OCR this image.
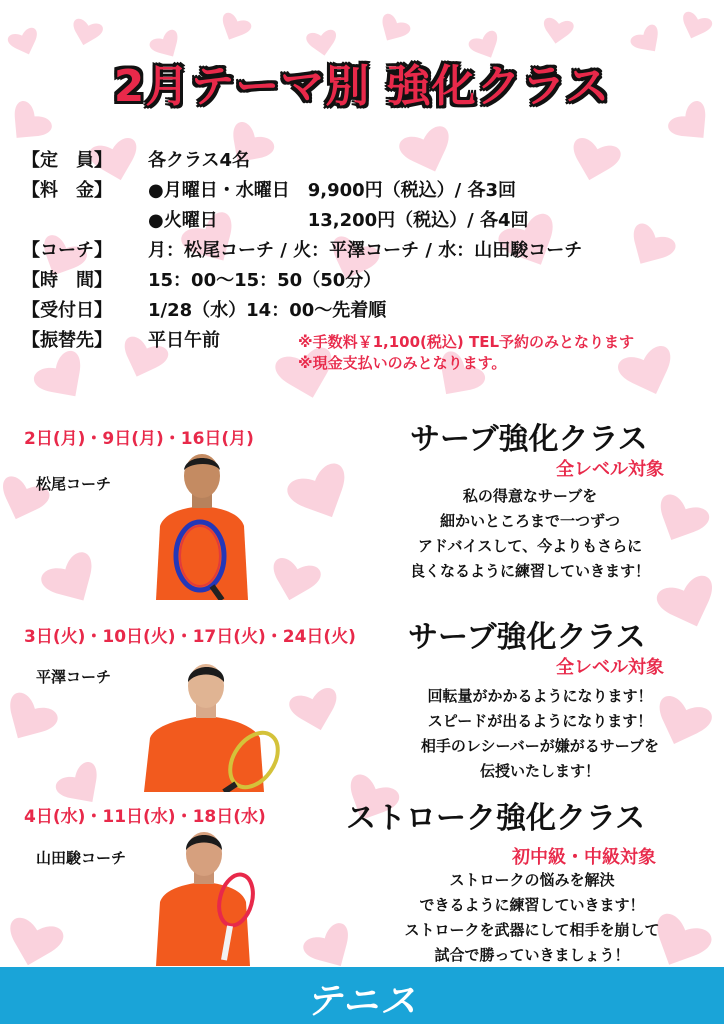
2月テーマ別 強化クラス
【定　員】	各クラス4名
【料　金】	●月曜日・水曜日　9,900円（税込）/ 各3回
●火曜日　　　　　13,200円（税込）/ 各4回
【コーチ】	月：松尾コーチ / 火：平澤コーチ / 水：山田駿コーチ
【時　間】	15：00〜15：50（50分）
【受付日】	1/28（水）14：00〜先着順
【振替先】	平日午前	※手数料￥1,100(税込) TEL予約のみとなります
※現金支払いのみとなります。
2日(月)・9日(月)・16日(月)
松尾コーチ
サーブ強化クラス
全レベル対象
私の得意なサーブを
細かいところまで一つずつ
アドバイスして、今よりもさらに
良くなるように練習していきます！
3日(火)・10日(火)・17日(火)・24日(火)
平澤コーチ
サーブ強化クラス
全レベル対象
回転量がかかるようになります！
スピードが出るようになります！
相手のレシーバーが嫌がるサーブを
伝授いたします！
4日(水)・11日(水)・18日(水)
山田駿コーチ
ストローク強化クラス
初中級・中級対象
ストロークの悩みを解決
できるように練習していきます！
ストロークを武器にして相手を崩して
試合で勝っていきましょう！
テニス
